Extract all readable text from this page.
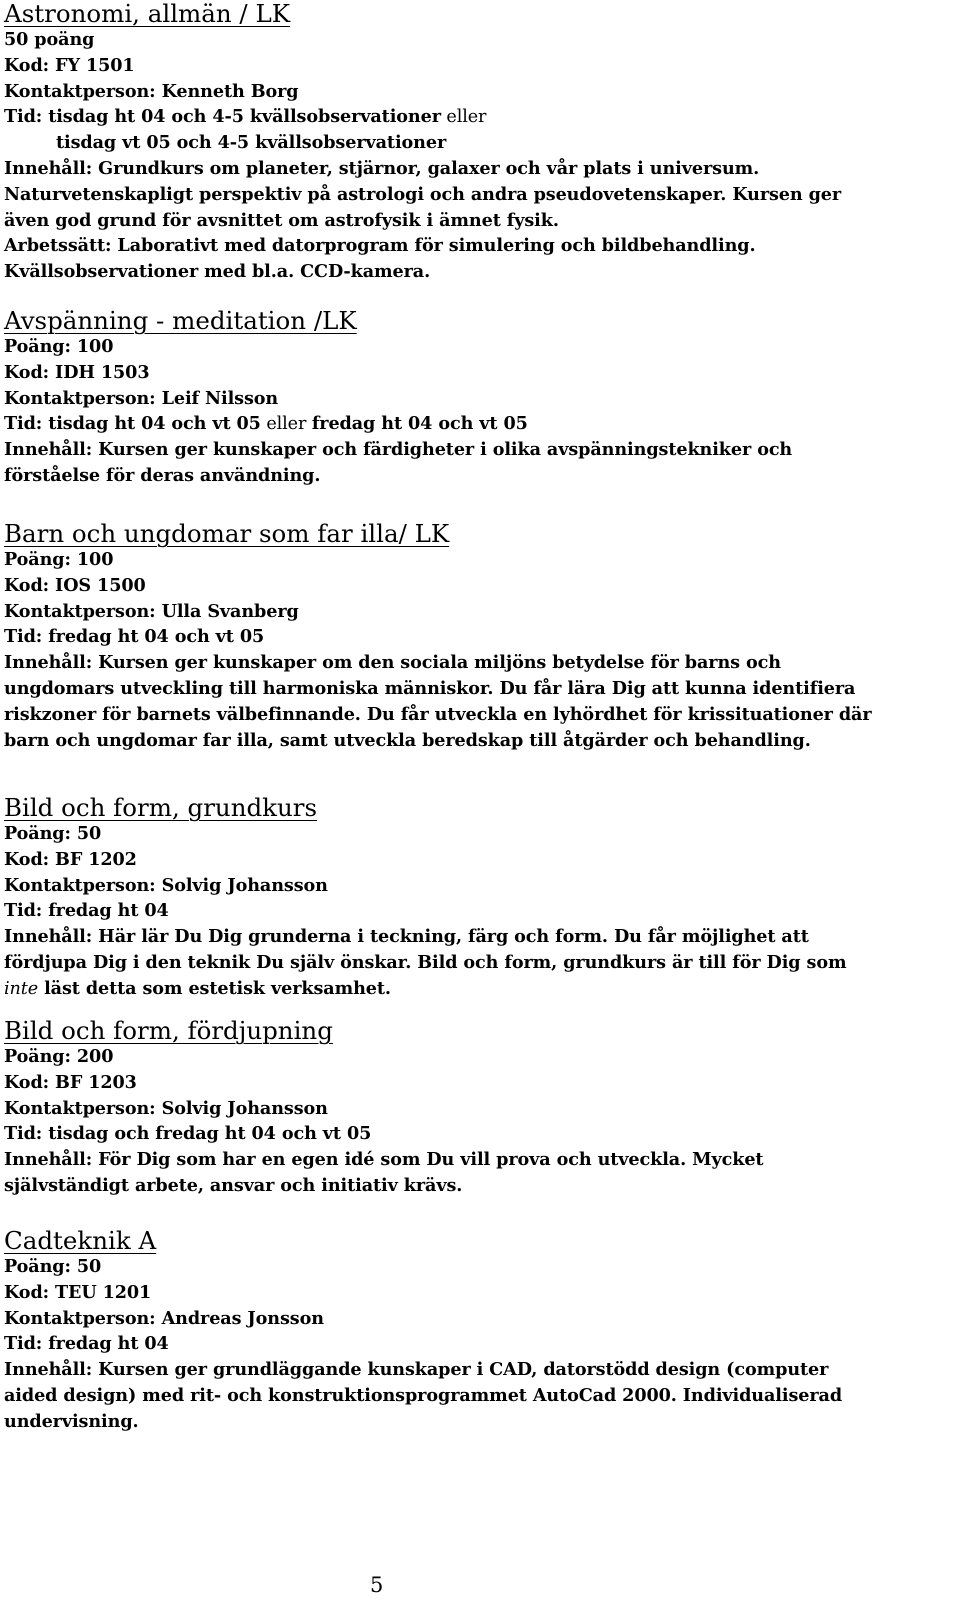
Astronomi, allmän / LK
50 poäng
Kod: FY 1501
Kontaktperson: Kenneth Borg
Tid: tisdag ht 04 och 4-5 kvällsobservationer eller
tisdag vt 05 och 4-5 kvällsobservationer
Innehåll: Grundkurs om planeter, stjärnor, galaxer och vår plats i universum.
Naturvetenskapligt perspektiv på astrologi och andra pseudovetenskaper. Kursen ger
även god grund för avsnittet om astrofysik i ämnet fysik.
Arbetssätt: Laborativt med datorprogram för simulering och bildbehandling.
Kvällsobservationer med bl.a. CCD-kamera.
Avspänning - meditation /LK
Poäng: 100
Kod: IDH 1503
Kontaktperson: Leif Nilsson
Tid: tisdag ht 04 och vt 05 eller fredag ht 04 och vt 05
Innehåll: Kursen ger kunskaper och färdigheter i olika avspänningstekniker och
förståelse för deras användning.
Barn och ungdomar som far illa/ LK
Poäng: 100
Kod: IOS 1500
Kontaktperson: Ulla Svanberg
Tid: fredag ht 04 och vt 05
Innehåll: Kursen ger kunskaper om den sociala miljöns betydelse för barns och
ungdomars utveckling till harmoniska människor. Du får lära Dig att kunna identifiera
riskzoner för barnets välbefinnande. Du får utveckla en lyhördhet för krissituationer där
barn och ungdomar far illa, samt utveckla beredskap till åtgärder och behandling.
Bild och form, grundkurs
Poäng: 50
Kod: BF 1202
Kontaktperson: Solvig Johansson
Tid: fredag ht 04
Innehåll: Här lär Du Dig grunderna i teckning, färg och form. Du får möjlighet att
fördjupa Dig i den teknik Du själv önskar. Bild och form, grundkurs är till för Dig som
inte läst detta som estetisk verksamhet.
Bild och form, fördjupning
Poäng: 200
Kod: BF 1203
Kontaktperson: Solvig Johansson
Tid: tisdag och fredag ht 04 och vt 05
Innehåll: För Dig som har en egen idé som Du vill prova och utveckla. Mycket
självständigt arbete, ansvar och initiativ krävs.
Cadteknik A
Poäng: 50
Kod: TEU 1201
Kontaktperson: Andreas Jonsson
Tid: fredag ht 04
Innehåll: Kursen ger grundläggande kunskaper i CAD, datorstödd design (computer
aided design) med rit- och konstruktionsprogrammet AutoCad 2000. Individualiserad
undervisning.
5
